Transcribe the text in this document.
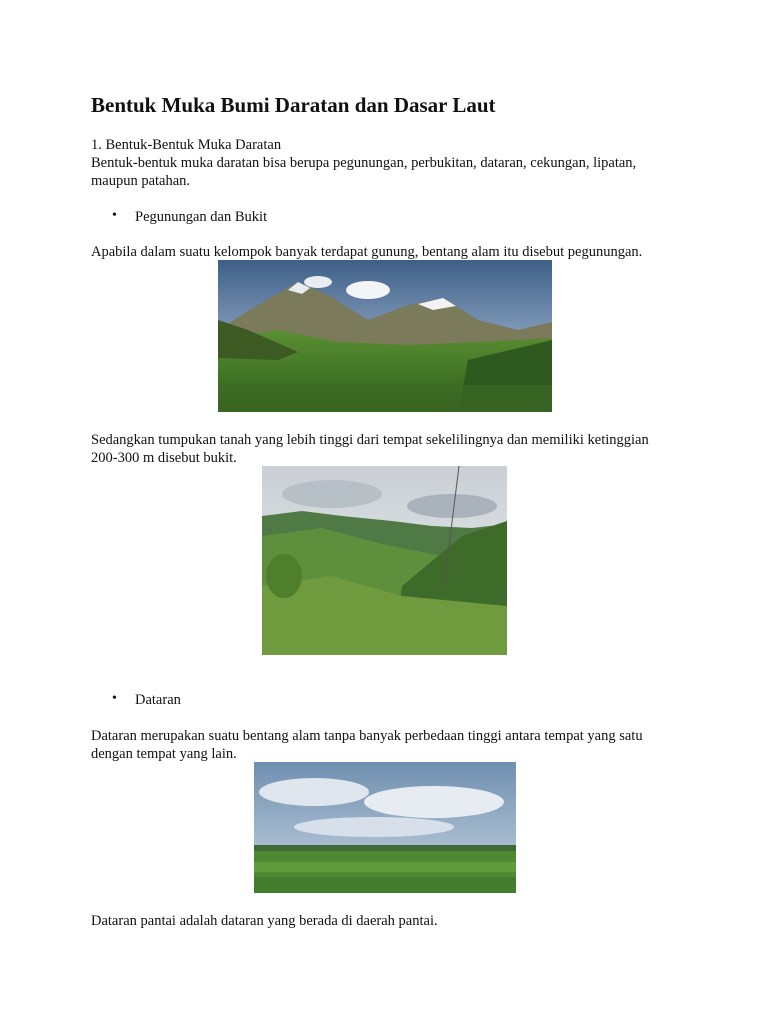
Bentuk Muka Bumi Daratan dan Dasar Laut

1. Bentuk-Bentuk Muka Daratan

Bentuk-bentuk muka daratan bisa berupa pegunungan, perbukitan, dataran, cekungan, lipatan,

maupun patahan.

• Pegunungan dan Bukit

Apabila dalam suatu kelompok banyak terdapat gunung, bentang alam itu disebut pegunungan.

Sedangkan tumpukan tanah yang lebih tinggi dari tempat sekelilingnya dan memiliki ketinggian

200-300 m disebut bukit.

• Dataran

Dataran merupakan suatu bentang alam tanpa banyak perbedaan tinggi antara tempat yang satu

dengan tempat yang lain.

Dataran pantai adalah dataran yang berada di daerah pantai.
